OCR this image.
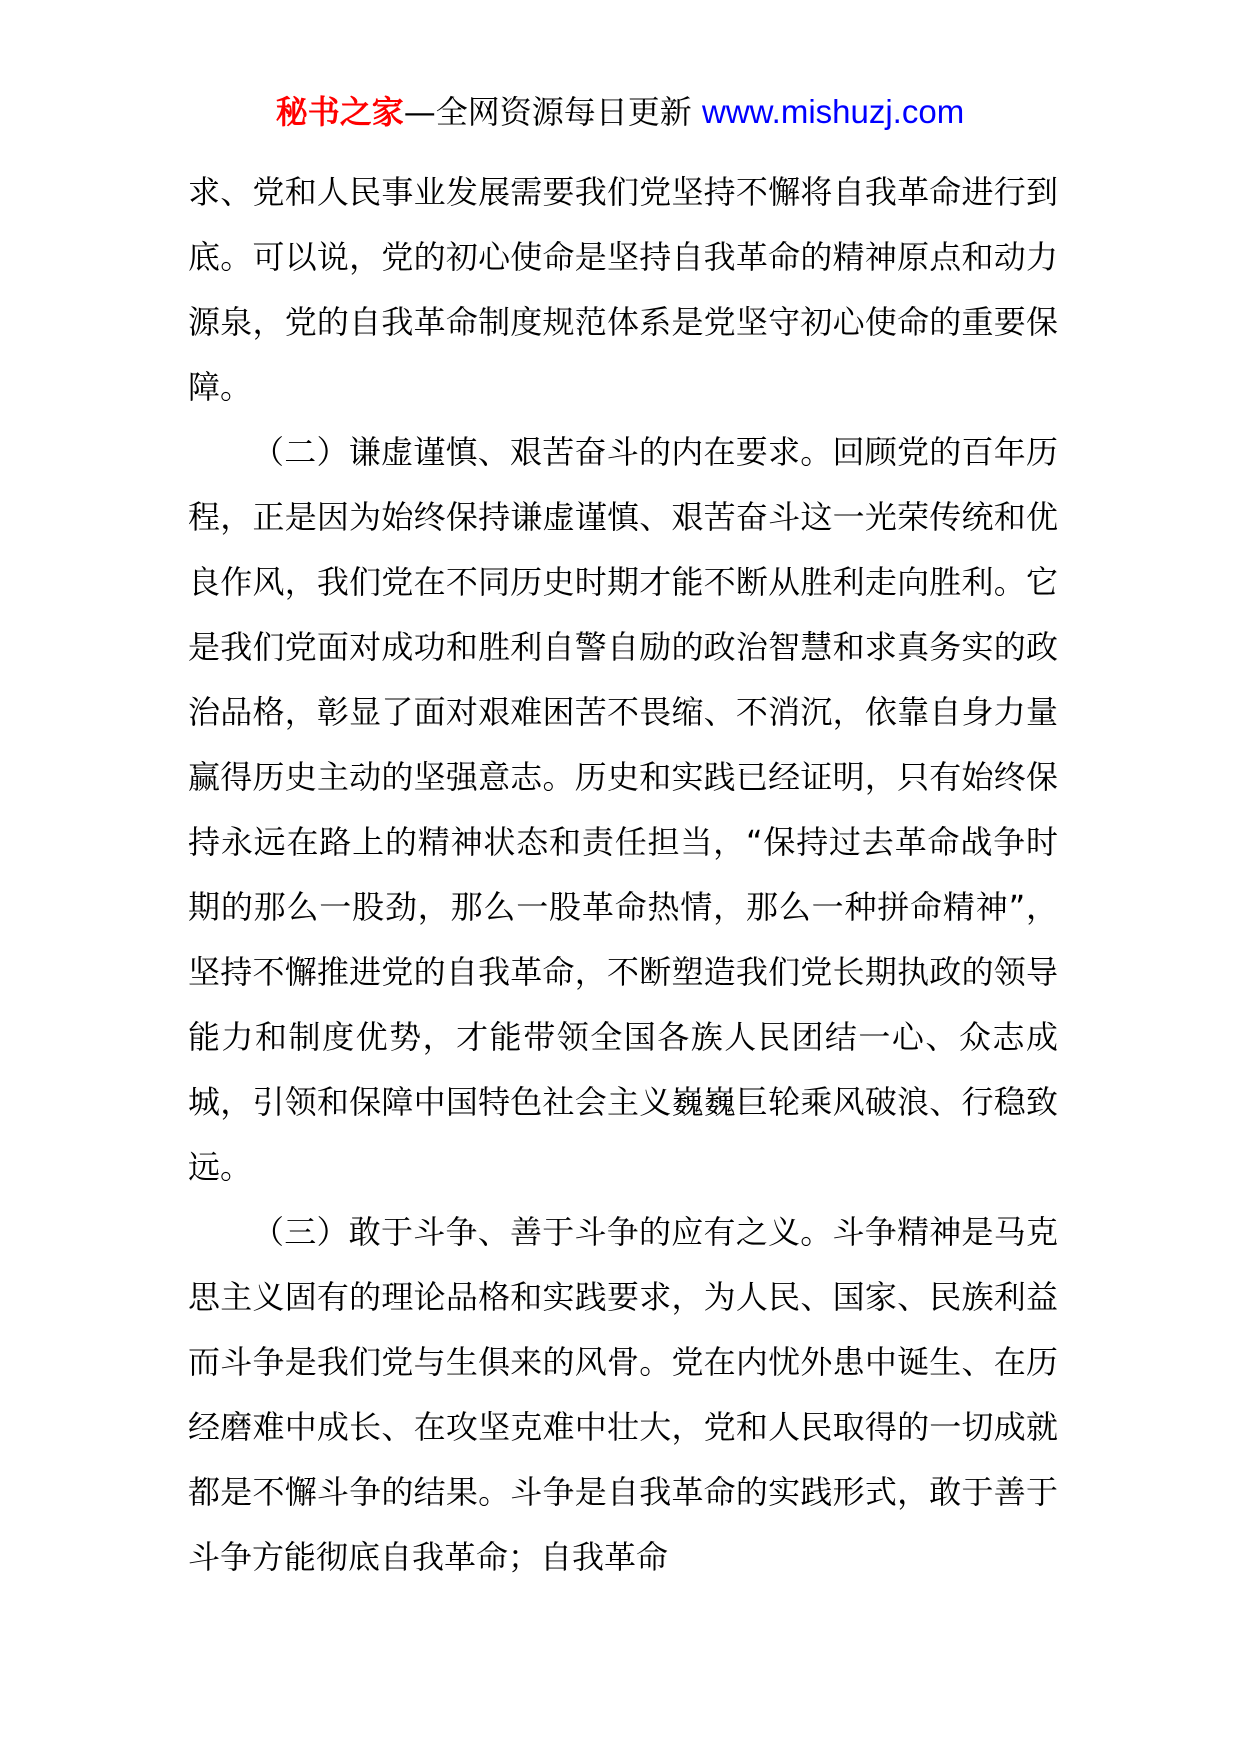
秘书之家—全网资源每日更新 www.mishuzj.com

求、党和人民事业发展需要我们党坚持不懈将自我革命进行到底。可以说，党的初心使命是坚持自我革命的精神原点和动力源泉，党的自我革命制度规范体系是党坚守初心使命的重要保障。

（二）谦虚谨慎、艰苦奋斗的内在要求。回顾党的百年历程，正是因为始终保持谦虚谨慎、艰苦奋斗这一光荣传统和优良作风，我们党在不同历史时期才能不断从胜利走向胜利。它是我们党面对成功和胜利自警自励的政治智慧和求真务实的政治品格，彰显了面对艰难困苦不畏缩、不消沉，依靠自身力量赢得历史主动的坚强意志。历史和实践已经证明，只有始终保持永远在路上的精神状态和责任担当，“保持过去革命战争时期的那么一股劲，那么一股革命热情，那么一种拼命精神”，坚持不懈推进党的自我革命，不断塑造我们党长期执政的领导能力和制度优势，才能带领全国各族人民团结一心、众志成城，引领和保障中国特色社会主义巍巍巨轮乘风破浪、行稳致远。

（三）敢于斗争、善于斗争的应有之义。斗争精神是马克思主义固有的理论品格和实践要求，为人民、国家、民族利益而斗争是我们党与生俱来的风骨。党在内忧外患中诞生、在历经磨难中成长、在攻坚克难中壮大，党和人民取得的一切成就都是不懈斗争的结果。斗争是自我革命的实践形式，敢于善于斗争方能彻底自我革命；自我革命
